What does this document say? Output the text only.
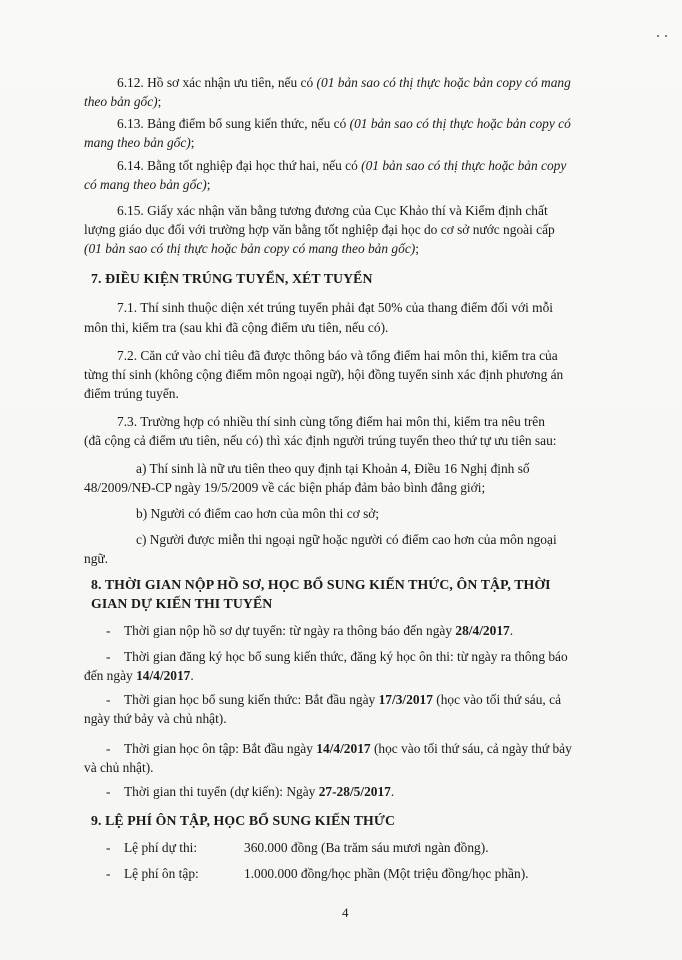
6.12. Hồ sơ xác nhận ưu tiên, nếu có (01 bản sao có thị thực hoặc bản copy có mang
theo bản gốc);
6.13. Bảng điểm bổ sung kiến thức, nếu có (01 bản sao có thị thực hoặc bản copy có
mang theo bản gốc);
6.14. Bằng tốt nghiệp đại học thứ hai, nếu có (01 bản sao có thị thực hoặc bản copy
có mang theo bản gốc);
6.15. Giấy xác nhận văn bằng tương đương của Cục Khảo thí và Kiểm định chất
lượng giáo dục đối với trường hợp văn bằng tốt nghiệp đại học do cơ sở nước ngoài cấp
(01 bản sao có thị thực hoặc bản copy có mang theo bản gốc);
7. ĐIỀU KIỆN TRÚNG TUYỂN, XÉT TUYỂN
7.1. Thí sinh thuộc diện xét trúng tuyển phải đạt 50% của thang điểm đối với mỗi
môn thi, kiểm tra (sau khi đã cộng điểm ưu tiên, nếu có).
7.2. Căn cứ vào chỉ tiêu đã được thông báo và tổng điểm hai môn thi, kiểm tra của
từng thí sinh (không cộng điểm môn ngoại ngữ), hội đồng tuyển sinh xác định phương án
điểm trúng tuyển.
7.3. Trường hợp có nhiều thí sinh cùng tổng điểm hai môn thi, kiểm tra nêu trên
(đã cộng cả điểm ưu tiên, nếu có) thì xác định người trúng tuyển theo thứ tự ưu tiên sau:
a) Thí sinh là nữ ưu tiên theo quy định tại Khoản 4, Điều 16 Nghị định số
48/2009/NĐ-CP ngày 19/5/2009 về các biện pháp đảm bảo bình đẳng giới;
b) Người có điểm cao hơn của môn thi cơ sở;
c) Người được miễn thi ngoại ngữ hoặc người có điểm cao hơn của môn ngoại
ngữ.
8. THỜI GIAN NỘP HỒ SƠ, HỌC BỔ SUNG KIẾN THỨC, ÔN TẬP, THỜI
GIAN DỰ KIẾN THI TUYỂN
- Thời gian nộp hồ sơ dự tuyển: từ ngày ra thông báo đến ngày 28/4/2017.
- Thời gian đăng ký học bổ sung kiến thức, đăng ký học ôn thi: từ ngày ra thông báo
đến ngày 14/4/2017.
- Thời gian học bổ sung kiến thức: Bắt đầu ngày 17/3/2017 (học vào tối thứ sáu, cả
ngày thứ bảy và chủ nhật).
- Thời gian học ôn tập: Bắt đầu ngày 14/4/2017 (học vào tối thứ sáu, cả ngày thứ bảy
và chủ nhật).
- Thời gian thi tuyển (dự kiến): Ngày 27-28/5/2017.
9. LỆ PHÍ ÔN TẬP, HỌC BỔ SUNG KIẾN THỨC
- Lệ phí dự thi:	360.000 đồng (Ba trăm sáu mươi ngàn đồng).
- Lệ phí ôn tập:	1.000.000 đồng/học phần (Một triệu đồng/học phần).
4
